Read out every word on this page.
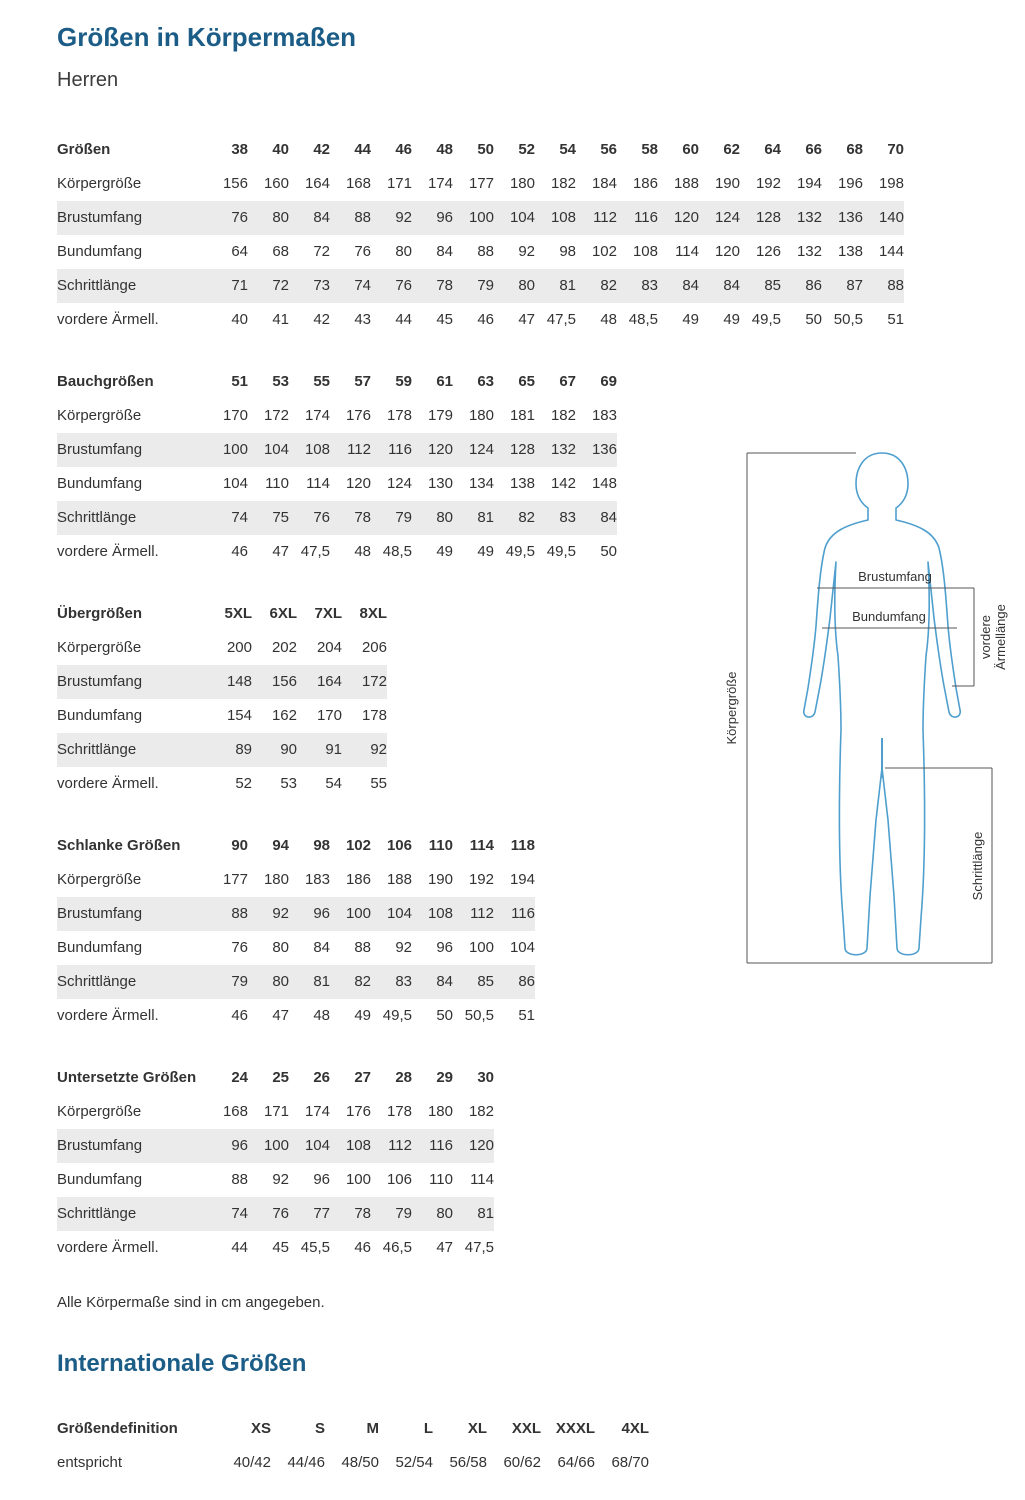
Größen in Körpermaßen
Herren
Größen	38	40	42	44	46	48	50	52	54	56	58	60	62	64	66	68	70
Körpergröße	156	160	164	168	171	174	177	180	182	184	186	188	190	192	194	196	198
Brustumfang	76	80	84	88	92	96	100	104	108	112	116	120	124	128	132	136	140
Bundumfang	64	68	72	76	80	84	88	92	98	102	108	114	120	126	132	138	144
Schrittlänge	71	72	73	74	76	78	79	80	81	82	83	84	84	85	86	87	88
vordere Ärmell.	40	41	42	43	44	45	46	47	47,5	48	48,5	49	49	49,5	50	50,5	51
Bauchgrößen	51	53	55	57	59	61	63	65	67	69
Körpergröße	170	172	174	176	178	179	180	181	182	183
Brustumfang	100	104	108	112	116	120	124	128	132	136
Bundumfang	104	110	114	120	124	130	134	138	142	148
Schrittlänge	74	75	76	78	79	80	81	82	83	84
vordere Ärmell.	46	47	47,5	48	48,5	49	49	49,5	49,5	50
Übergrößen	5XL	6XL	7XL	8XL
Körpergröße	200	202	204	206
Brustumfang	148	156	164	172
Bundumfang	154	162	170	178
Schrittlänge	89	90	91	92
vordere Ärmell.	52	53	54	55
Schlanke Größen	90	94	98	102	106	110	114	118
Körpergröße	177	180	183	186	188	190	192	194
Brustumfang	88	92	96	100	104	108	112	116
Bundumfang	76	80	84	88	92	96	100	104
Schrittlänge	79	80	81	82	83	84	85	86
vordere Ärmell.	46	47	48	49	49,5	50	50,5	51
Untersetzte Größen	24	25	26	27	28	29	30
Körpergröße	168	171	174	176	178	180	182
Brustumfang	96	100	104	108	112	116	120
Bundumfang	88	92	96	100	106	110	114
Schrittlänge	74	76	77	78	79	80	81
vordere Ärmell.	44	45	45,5	46	46,5	47	47,5

Alle Körpermaße sind in cm angegeben.

Internationale Größen
Größendefinition	XS	S	M	L	XL	XXL	XXXL	4XL
entspricht	40/42	44/46	48/50	52/54	56/58	60/62	64/66	68/70
Brustumfang
Bundumfang
Körpergröße
vordere Ärmellänge
Schrittlänge
